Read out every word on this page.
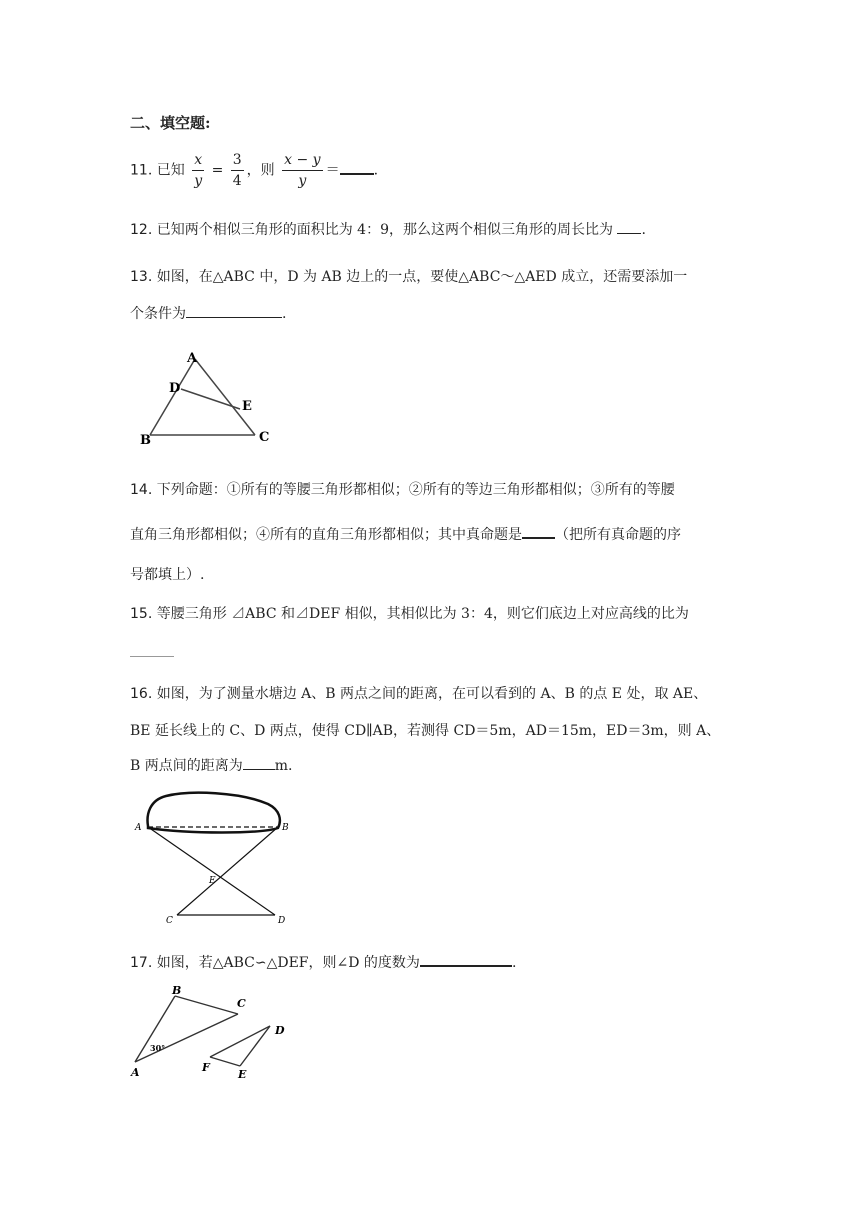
二、填空题:
11. 已知 $\frac{x}{y} = \frac{3}{4}$ ，则 $\frac{x - y}{y}$ ＝ .
12. 已知两个相似三角形的面积比为 4：9，那么这两个相似三角形的周长比为 .
13. 如图，在△ABC 中，D 为 AB 边上的一点，要使△ABC～△AED 成立，还需要添加一
个条件为	.
A
D
E
B	C
14. 下列命题：①所有的等腰三角形都相似；②所有的等边三角形都相似；③所有的等腰
直角三角形都相似；④所有的直角三角形都相似；其中真命题是 （把所有真命题的序
号都填上）.
15. 等腰三角形 ⊿ABC 和⊿DEF 相似，其相似比为 3：4，则它们底边上对应高线的比为
16. 如图，为了测量水塘边 A、B 两点之间的距离，在可以看到的 A、B 的点 E 处，取 AE、
BE 延长线上的 C、D 两点，使得 CD∥AB，若测得 CD＝5m，AD＝15m，ED＝3m，则 A、
B 两点间的距离为 m.
A	B
E
C	D
17. 如图，若△ABC∽△DEF，则∠D 的度数为	.
30°
A
B
C
D
E
F
